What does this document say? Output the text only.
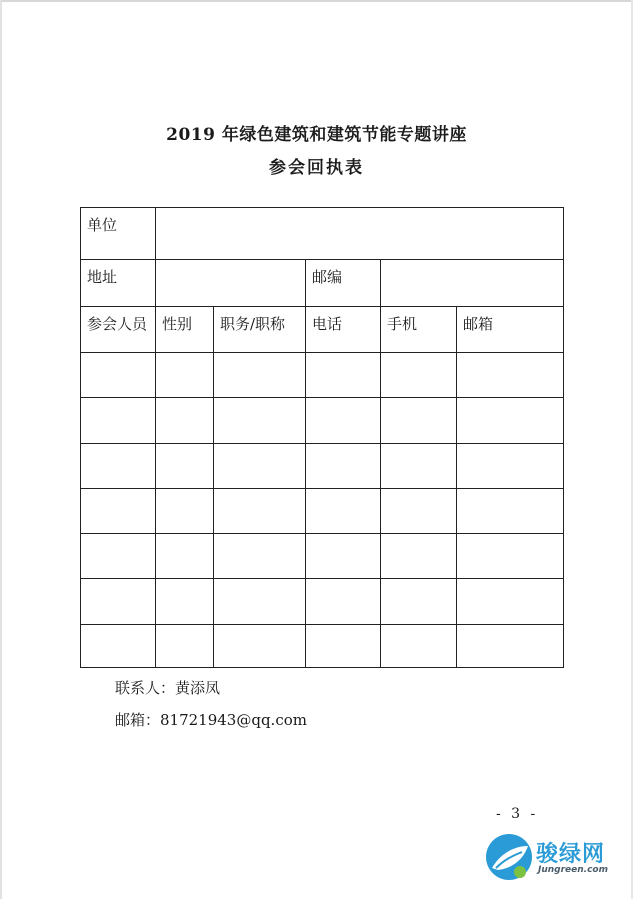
2019 年绿色建筑和建筑节能专题讲座
参会回执表
单位					
地址			邮编		
参会人员	性别	职务/职称	电话	手机	邮箱

联系人：黄添凤
邮箱：81721943@qq.com
- 3 -
骏绿网
Jungreen.com
